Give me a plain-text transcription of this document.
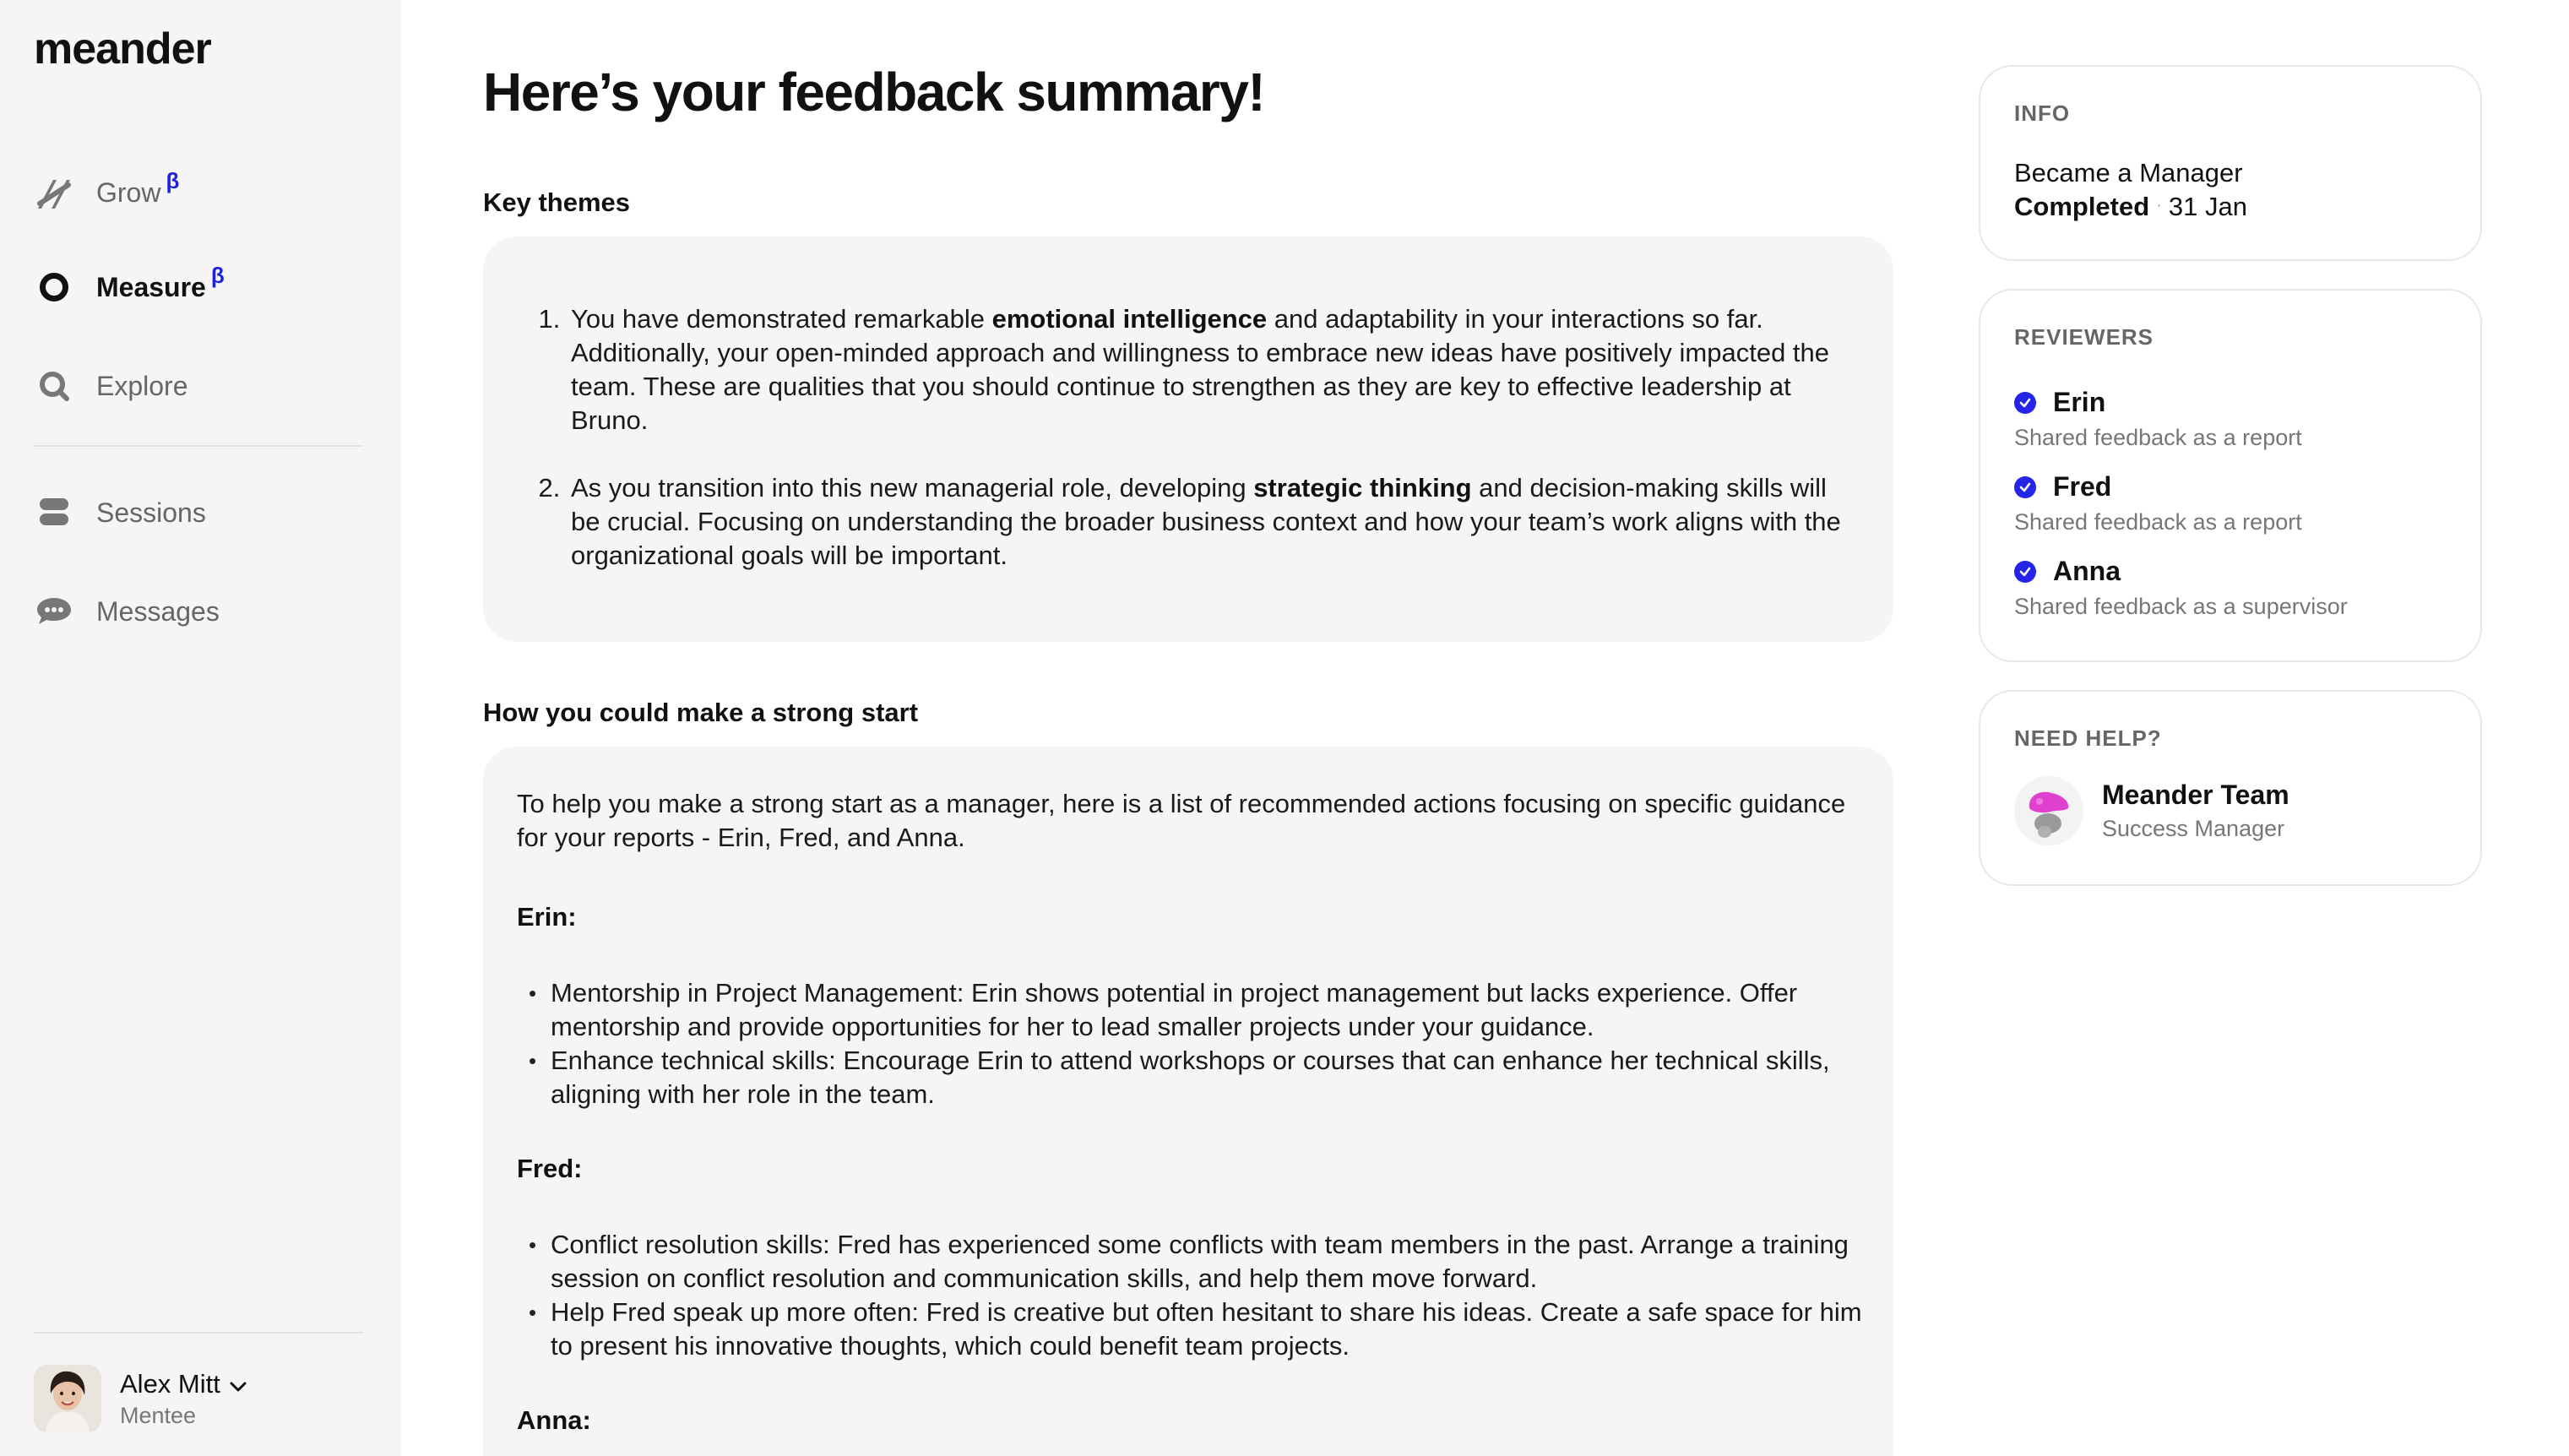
meander
Grow β
Measure β
Explore
Sessions
Messages
Alex Mitt
Mentee
Here’s your feedback summary!
Key themes
1. You have demonstrated remarkable emotional intelligence and adaptability in your interactions so far. Additionally, your open-minded approach and willingness to embrace new ideas have positively impacted the team. These are qualities that you should continue to strengthen as they are key to effective leadership at Bruno.
2. As you transition into this new managerial role, developing strategic thinking and decision-making skills will be crucial. Focusing on understanding the broader business context and how your team’s work aligns with the organizational goals will be important.
How you could make a strong start

To help you make a strong start as a manager, here is a list of recommended actions focusing on specific guidance for your reports - Erin, Fred, and Anna.

Erin:
• Mentorship in Project Management: Erin shows potential in project management but lacks experience. Offer mentorship and provide opportunities for her to lead smaller projects under your guidance.
• Enhance technical skills: Encourage Erin to attend workshops or courses that can enhance her technical skills, aligning with her role in the team.
Fred:
• Conflict resolution skills: Fred has experienced some conflicts with team members in the past. Arrange a training session on conflict resolution and communication skills, and help them move forward.
• Help Fred speak up more often: Fred is creative but often hesitant to share his ideas. Create a safe space for him to present his innovative thoughts, which could benefit team projects.
Anna:
INFO
Became a Manager
Completed · 31 Jan
REVIEWERS
Erin
Shared feedback as a report
Fred
Shared feedback as a report
Anna
Shared feedback as a supervisor
NEED HELP?
Meander Team
Success Manager
